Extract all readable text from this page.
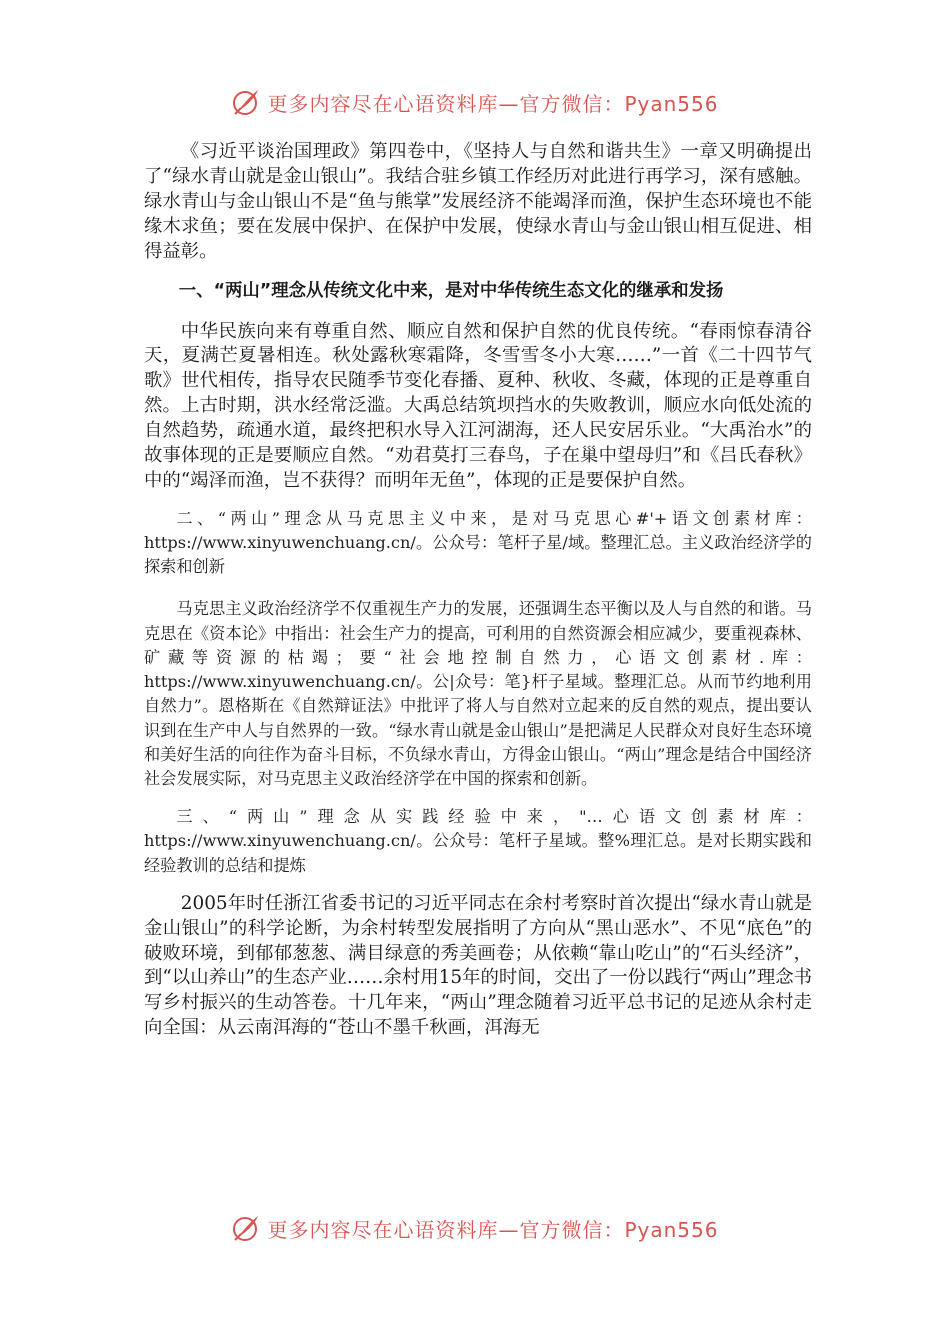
更多内容尽在心语资料库—官方微信：Pyan556

《习近平谈治国理政》第四卷中，《坚持人与自然和谐共生》一章又明确提出了“绿水青山就是金山银山”。我结合驻乡镇工作经历对此进行再学习，深有感触。绿水青山与金山银山不是“鱼与熊掌”发展经济不能竭泽而渔，保护生态环境也不能缘木求鱼；要在发展中保护、在保护中发展，使绿水青山与金山银山相互促进、相得益彰。

一、“两山”理念从传统文化中来，是对中华传统生态文化的继承和发扬

中华民族向来有尊重自然、顺应自然和保护自然的优良传统。“春雨惊春清谷天，夏满芒夏暑相连。秋处露秋寒霜降，冬雪雪冬小大寒……”一首《二十四节气歌》世代相传，指导农民随季节变化春播、夏种、秋收、冬藏，体现的正是尊重自然。上古时期，洪水经常泛滥。大禹总结筑坝挡水的失败教训，顺应水向低处流的自然趋势，疏通水道，最终把积水导入江河湖海，还人民安居乐业。“大禹治水”的故事体现的正是要顺应自然。“劝君莫打三春鸟，子在巢中望母归”和《吕氏春秋》中的“竭泽而渔，岂不获得？而明年无鱼”，体现的正是要保护自然。

二、“两山”理念从马克思主义中来，是对马克思心#'+语文创素材库：https://www.xinyuwenchuang.cn/。公众号：笔杆子星/域。整理汇总。主义政治经济学的探索和创新

马克思主义政治经济学不仅重视生产力的发展，还强调生态平衡以及人与自然的和谐。马克思在《资本论》中指出：社会生产力的提高，可利用的自然资源会相应减少，要重视森林、矿藏等资源的枯竭；要“社会地控制自然力，心语文创素材.库：https://www.xinyuwenchuang.cn/。公|众号：笔}杆子星域。整理汇总。从而节约地利用自然力”。恩格斯在《自然辩证法》中批评了将人与自然对立起来的反自然的观点，提出要认识到在生产中人与自然界的一致。“绿水青山就是金山银山”是把满足人民群众对良好生态环境和美好生活的向往作为奋斗目标，不负绿水青山，方得金山银山。“两山”理念是结合中国经济社会发展实际，对马克思主义政治经济学在中国的探索和创新。

三、“两山”理念从实践经验中来，"…心语文创素材库：https://www.xinyuwenchuang.cn/。公众号：笔杆子星域。整%理汇总。是对长期实践和经验教训的总结和提炼

2005年时任浙江省委书记的习近平同志在余村考察时首次提出“绿水青山就是金山银山”的科学论断，为余村转型发展指明了方向从“黑山恶水”、不见“底色”的破败环境，到郁郁葱葱、满目绿意的秀美画卷；从依赖“靠山吃山”的“石头经济”，到“以山养山”的生态产业……余村用15年的时间，交出了一份以践行“两山”理念书写乡村振兴的生动答卷。十几年来，“两山”理念随着习近平总书记的足迹从余村走向全国：从云南洱海的“苍山不墨千秋画，洱海无

更多内容尽在心语资料库—官方微信：Pyan556
